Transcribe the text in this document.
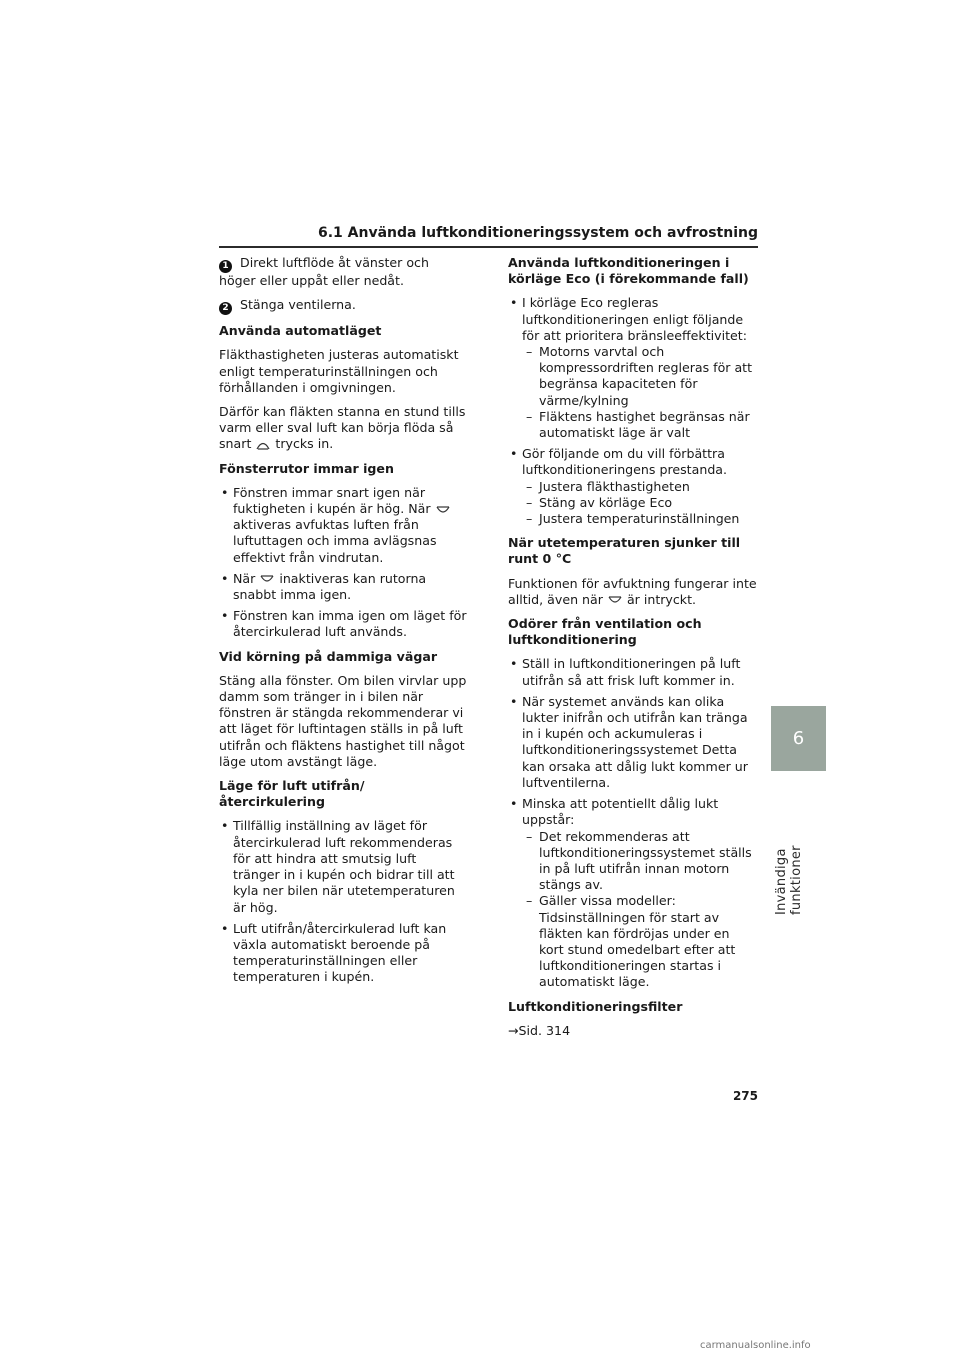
6.1 Använda luftkonditioneringssystem och avfrostning

1 Direkt luftflöde åt vänster och höger eller uppåt eller nedåt.

2 Stänga ventilerna.

Använda automatläget

Fläkthastigheten justeras automatiskt enligt temperaturinställningen och förhållanden i omgivningen.

Därför kan fläkten stanna en stund tills varm eller sval luft kan börja flöda så snart trycks in.

Fönsterrutor immar igen

• Fönstren immar snart igen när fuktigheten i kupén är hög. Näraktiveras avfuktas luften från luftuttagen och imma avlägsnas effektivt från vindrutan.
• När inaktiveras kan rutorna snabbt imma igen.
• Fönstren kan imma igen om läget för återcirkulerad luft används.

Vid körning på dammiga vägar

Stäng alla fönster. Om bilen virvlar upp damm som tränger in i bilen när fönstren är stängda rekommenderar vi att läget för luftintagen ställs in på luft utifrån och fläktens hastighet till något läge utom avstängt läge.

Läge för luft utifrån/återcirkulering

• Tillfällig inställning av läget för återcirkulerad luft rekommenderas för att hindra att smutsig luft tränger in i kupén och bidrar till att kyla ner bilen när utetemperaturen är hög.
• Luft utifrån/återcirkulerad luft kan växla automatiskt beroende på temperaturinställningen eller temperaturen i kupén.

Använda luftkonditioneringen i körläge Eco (i förekommande fall)

• I körläge Eco regleras luftkonditioneringen enligt följande för att prioritera bränsleeffektivitet:
– Motorns varvtal och kompressordriften regleras för att begränsa kapaciteten för värme/kylning
– Fläktens hastighet begränsas när automatiskt läge är valt
• Gör följande om du vill förbättra luftkonditioneringens prestanda.
– Justera fläkthastigheten
– Stäng av körläge Eco
– Justera temperaturinställningen

När utetemperaturen sjunker till runt 0 °C

Funktionen för avfuktning fungerar inte alltid, även när är intryckt.

Odörer från ventilation och luftkonditionering

• Ställ in luftkonditioneringen på luft utifrån så att frisk luft kommer in.
• När systemet används kan olika lukter inifrån och utifrån kan tränga in i kupén och ackumuleras i luftkonditioneringssystemet Detta kan orsaka att dålig lukt kommer ur luftventilerna.
• Minska att potentiellt dålig lukt uppstår:
– Det rekommenderas att luftkonditioneringssystemet ställs in på luft utifrån innan motorn stängs av.
– Gäller vissa modeller: Tidsinställningen för start av fläkten kan fördröjas under en kort stund omedelbart efter att luftkonditioneringen startas i automatiskt läge.

Luftkonditioneringsfilter

→Sid. 314

6
Invändiga funktioner
275
carmanualsonline.info
